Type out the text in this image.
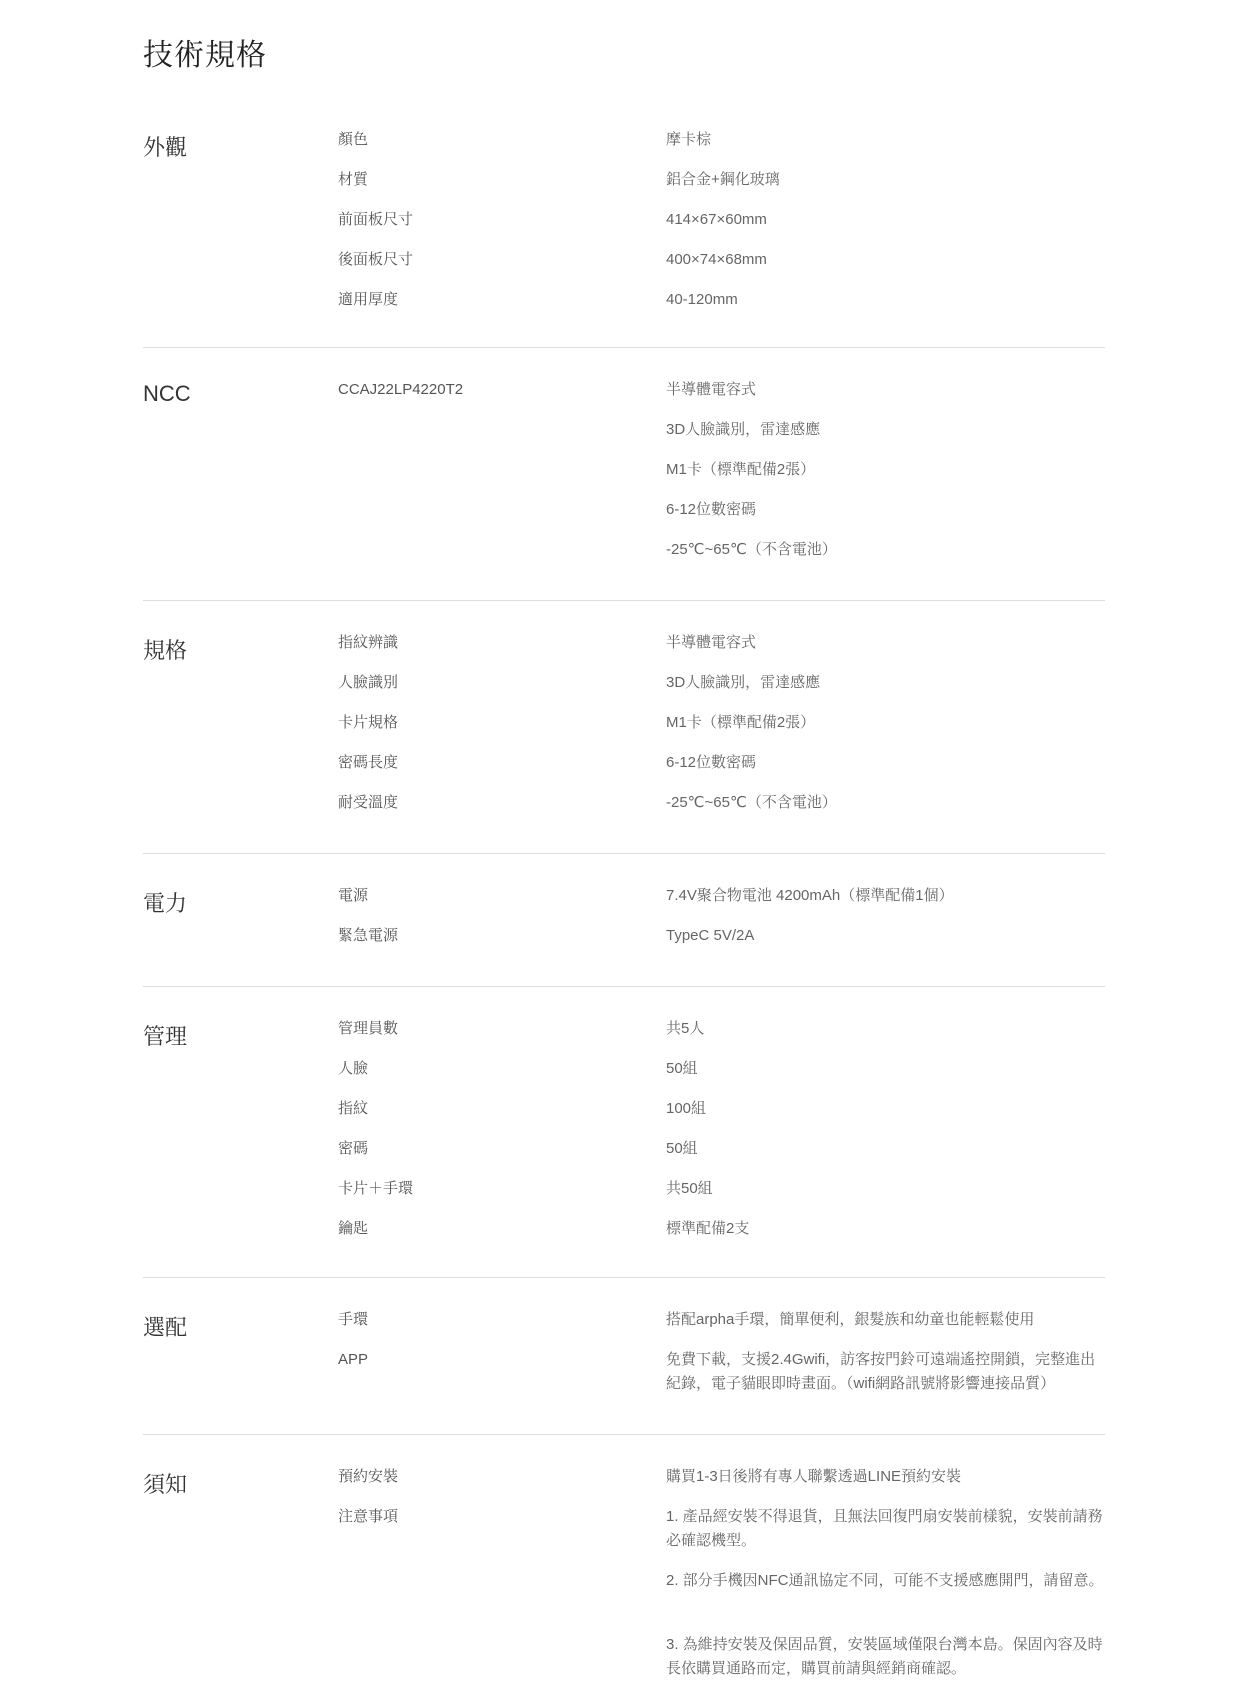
技術規格
外觀	顏色	摩卡棕
材質	鋁合金+鋼化玻璃
前面板尺寸	414×67×60mm
後面板尺寸	400×74×68mm
適用厚度	40-120mm
NCC	CCAJ22LP4220T2	半導體電容式
3D人臉識別，雷達感應
M1卡（標準配備2張）
6-12位數密碼
-25℃~65℃（不含電池）
規格	指紋辨識	半導體電容式
人臉識別	3D人臉識別，雷達感應
卡片規格	M1卡（標準配備2張）
密碼長度	6-12位數密碼
耐受溫度	-25℃~65℃（不含電池）
電力	電源	7.4V聚合物電池 4200mAh（標準配備1個）
緊急電源	TypeC 5V/2A
管理	管理員數	共5人
人臉	50組
指紋	100組
密碼	50組
卡片＋手環	共50組
鑰匙	標準配備2支
選配	手環	搭配arpha手環，簡單便利，銀髮族和幼童也能輕鬆使用
APP	免費下載，支援2.4Gwifi，訪客按門鈴可遠端遙控開鎖，完整進出紀錄，電子貓眼即時畫面。（wifi網路訊號將影響連接品質）
須知	預約安裝	購買1-3日後將有專人聯繫透過LINE預約安裝
注意事項	1. 產品經安裝不得退貨，且無法回復門扇安裝前樣貌，安裝前請務必確認機型。
2. 部分手機因NFC通訊協定不同，可能不支援感應開門，請留意。
3. 為維持安裝及保固品質，安裝區域僅限台灣本島。保固內容及時長依購買通路而定，購買前請與經銷商確認。
